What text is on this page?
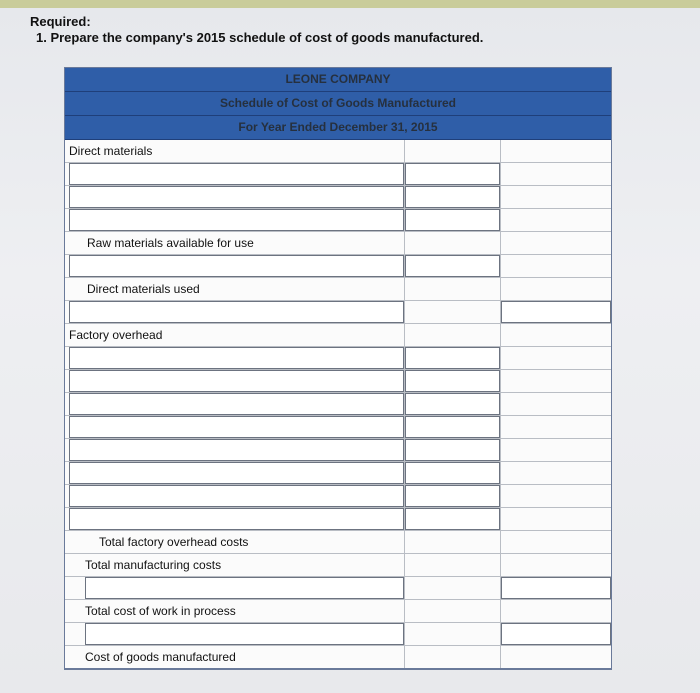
Required:
1. Prepare the company's 2015 schedule of cost of goods manufactured.
LEONE COMPANY
Schedule of Cost of Goods Manufactured
For Year Ended December 31, 2015
Direct materials
Raw materials available for use
Direct materials used
Factory overhead
Total factory overhead costs
Total manufacturing costs
Total cost of work in process
Cost of goods manufactured
